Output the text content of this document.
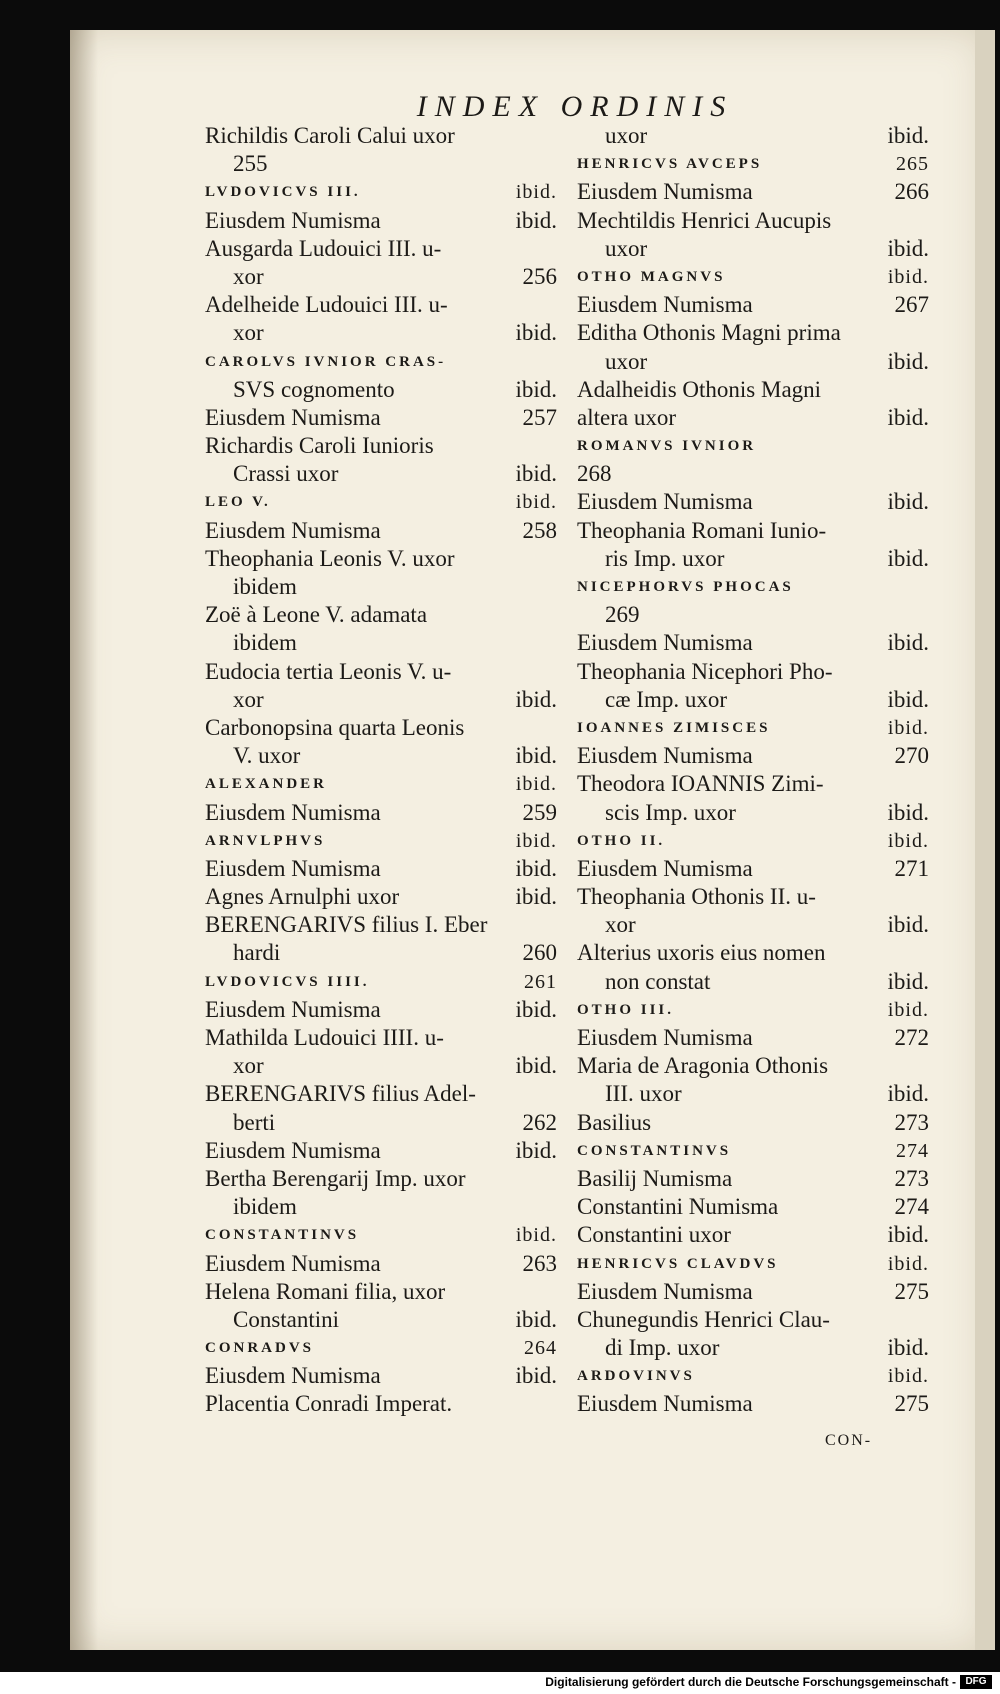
INDEX ORDINIS
Richildis Caroli Calui uxor
255
LVDOVICVS III.	ibid.
Eiusdem Numisma	ibid.
Ausgarda Ludouici III. u-
xor	256
Adelheide Ludouici III. u-
xor	ibid.
CAROLVS IVNIOR CRAS-
SVS cognomento	ibid.
Eiusdem Numisma	257
Richardis Caroli Iunioris
Crassi uxor	ibid.
LEO V.	ibid.
Eiusdem Numisma	258
Theophania Leonis V. uxor
ibidem
Zoë à Leone V. adamata
ibidem
Eudocia tertia Leonis V. u-
xor	ibid.
Carbonopsina quarta Leonis
V. uxor	ibid.
ALEXANDER	ibid.
Eiusdem Numisma	259
ARNVLPHVS	ibid.
Eiusdem Numisma	ibid.
Agnes Arnulphi uxor	ibid.
BERENGARIVS filius I. Eber
hardi	260
LVDOVICVS IIII.	261
Eiusdem Numisma	ibid.
Mathilda Ludouici IIII. u-
xor	ibid.
BERENGARIVS filius Adel-
berti	262
Eiusdem Numisma	ibid.
Bertha Berengarij Imp. uxor
ibidem
CONSTANTINVS	ibid.
Eiusdem Numisma	263
Helena Romani filia, uxor
Constantini	ibid.
CONRADVS	264
Eiusdem Numisma	ibid.
Placentia Conradi Imperat.
uxor	ibid.
HENRICVS AVCEPS	265
Eiusdem Numisma	266
Mechtildis Henrici Aucupis
uxor	ibid.
OTHO MAGNVS	ibid.
Eiusdem Numisma	267
Editha Othonis Magni prima
uxor	ibid.
Adalheidis Othonis Magni
altera uxor	ibid.
ROMANVS IVNIOR
268
Eiusdem Numisma	ibid.
Theophania Romani Iunio-
ris Imp. uxor	ibid.
NICEPHORVS PHOCAS
269
Eiusdem Numisma	ibid.
Theophania Nicephori Pho-
cæ Imp. uxor	ibid.
IOANNES ZIMISCES	ibid.
Eiusdem Numisma	270
Theodora IOANNIS Zimi-
scis Imp. uxor	ibid.
OTHO II.	ibid.
Eiusdem Numisma	271
Theophania Othonis II. u-
xor	ibid.
Alterius uxoris eius nomen
non constat	ibid.
OTHO III.	ibid.
Eiusdem Numisma	272
Maria de Aragonia Othonis
III. uxor	ibid.
Basilius	273
CONSTANTINVS	274
Basilij Numisma	273
Constantini Numisma	274
Constantini uxor	ibid.
HENRICVS CLAVDVS	ibid.
Eiusdem Numisma	275
Chunegundis Henrici Clau-
di Imp. uxor	ibid.
ARDOVINVS	ibid.
Eiusdem Numisma	275
CON-
Digitalisierung gefördert durch die Deutsche Forschungsgemeinschaft - DFG
